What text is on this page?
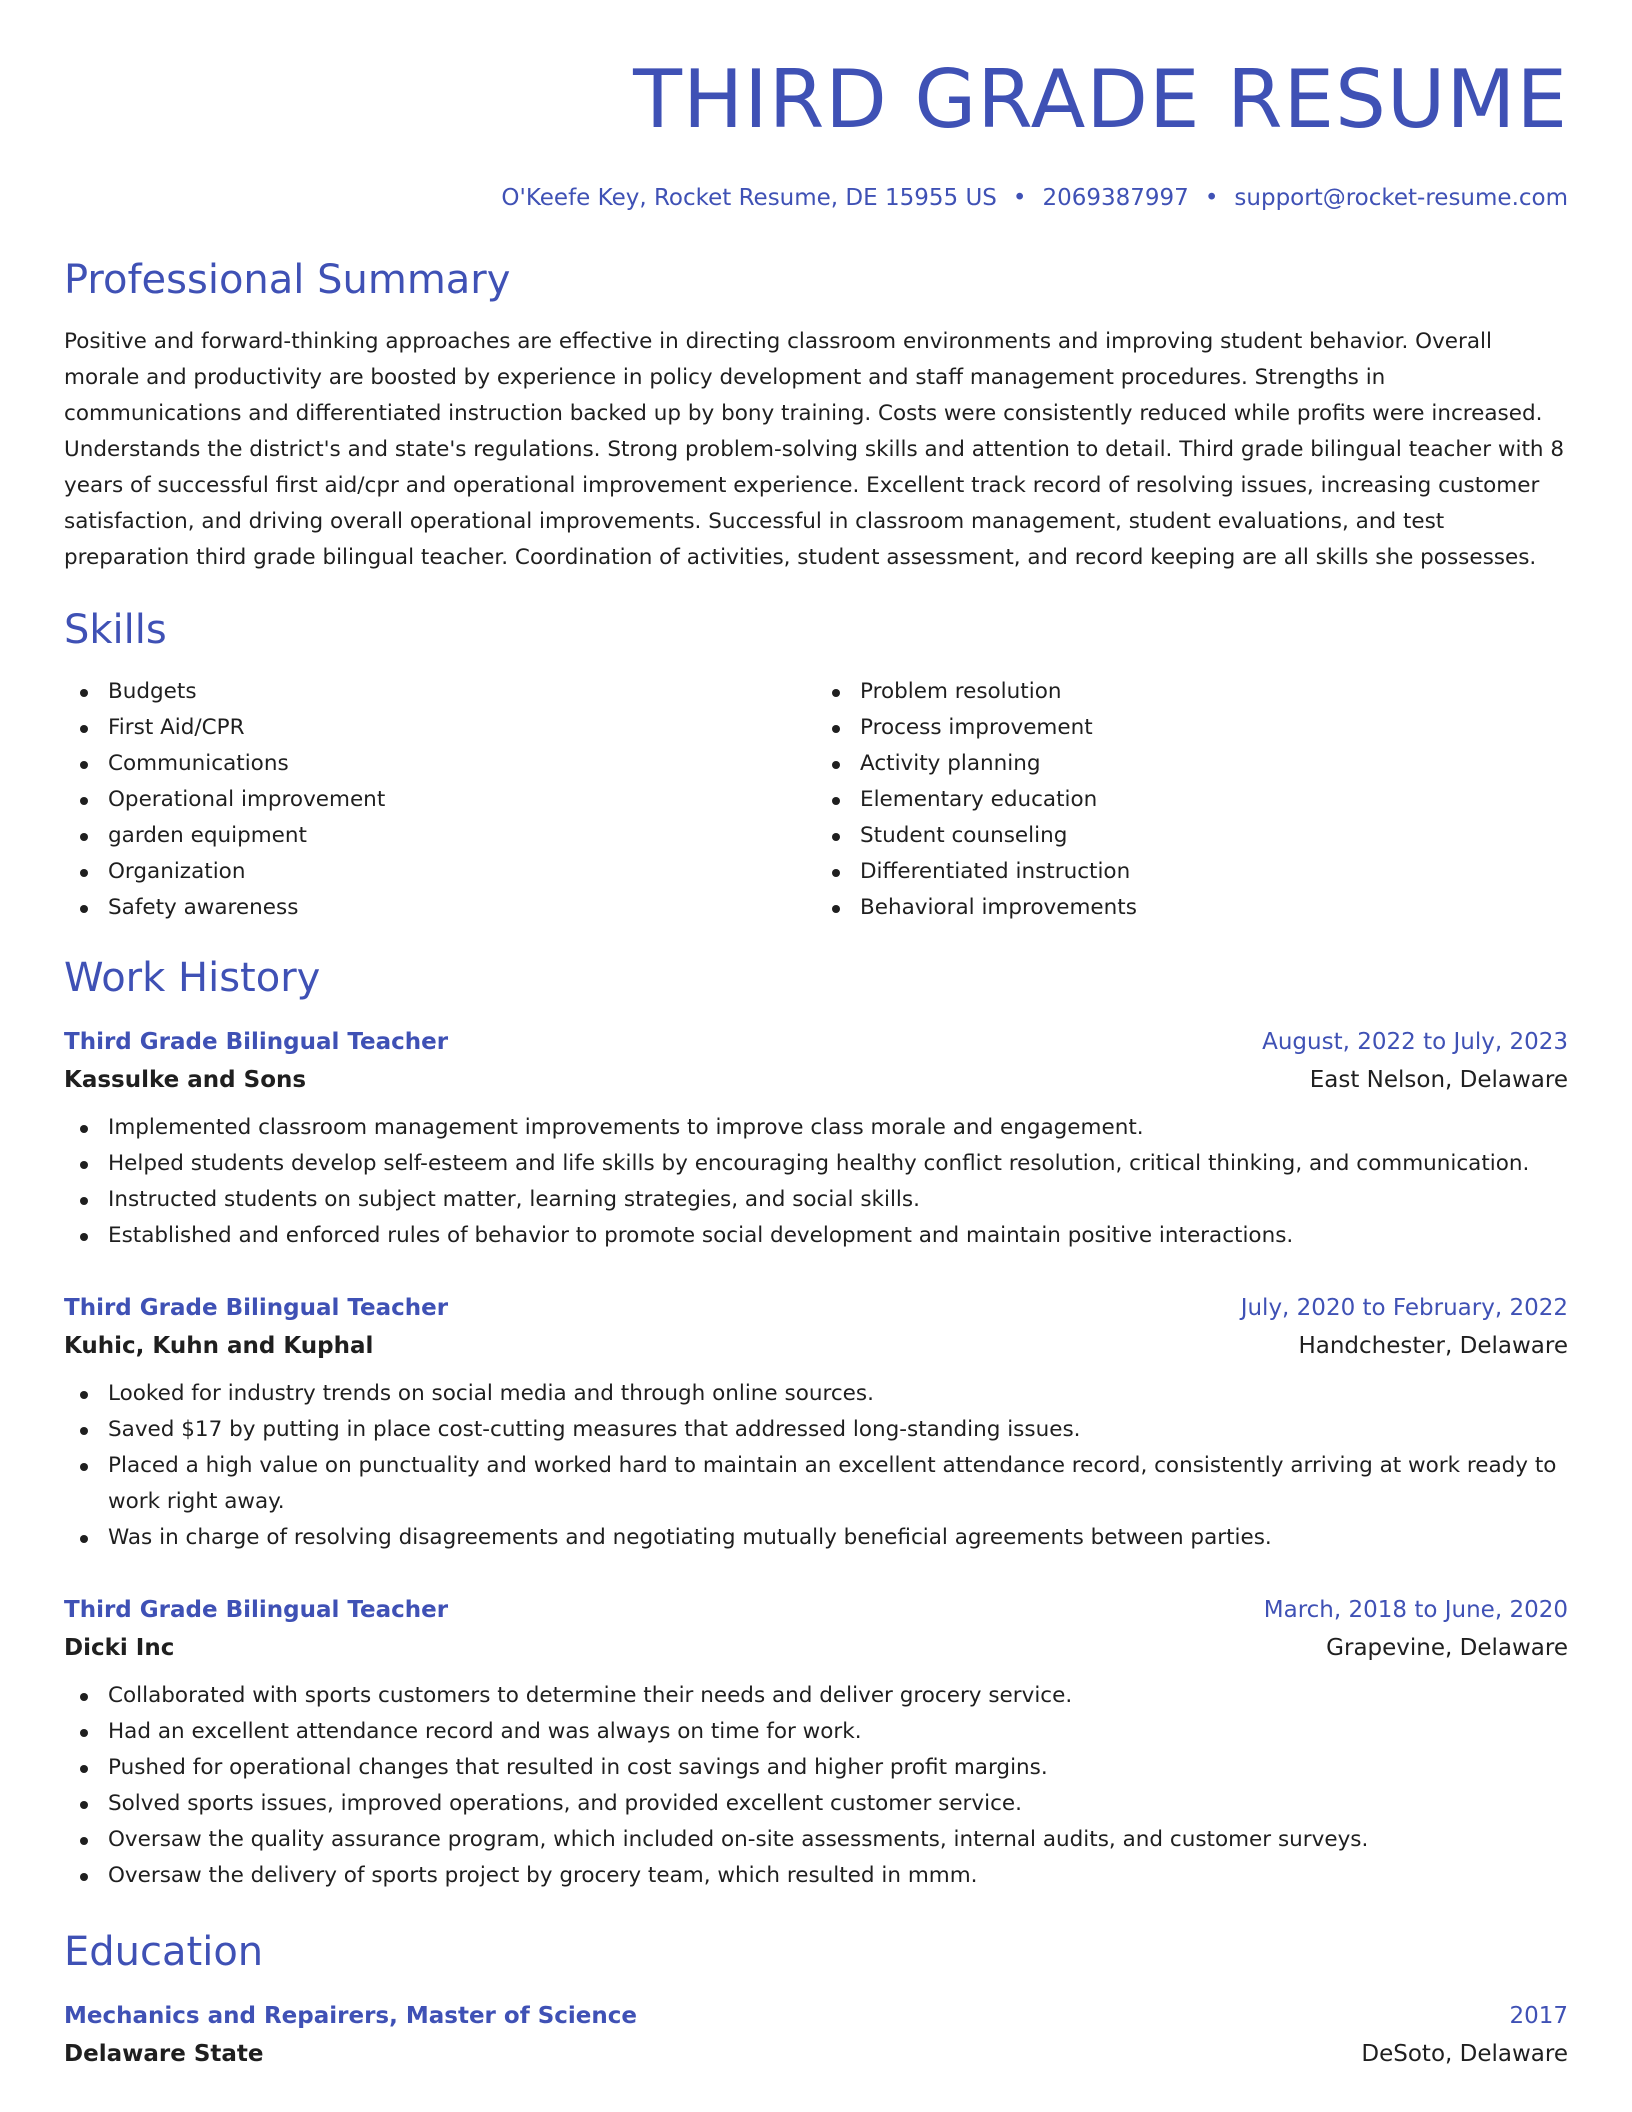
THIRD GRADE RESUME
O'Keefe Key, Rocket Resume, DE 15955 US • 2069387997 • support@rocket-resume.com
Professional Summary

Positive and forward-thinking approaches are effective in directing classroom environments and improving student behavior. Overall morale and productivity are boosted by experience in policy development and staff management procedures. Strengths in communications and differentiated instruction backed up by bony training. Costs were consistently reduced while profits were increased. Understands the district's and state's regulations. Strong problem-solving skills and attention to detail. Third grade bilingual teacher with 8 years of successful first aid/cpr and operational improvement experience. Excellent track record of resolving issues, increasing customer satisfaction, and driving overall operational improvements. Successful in classroom management, student evaluations, and test preparation third grade bilingual teacher. Coordination of activities, student assessment, and record keeping are all skills she possesses.

Skills
Budgets
First Aid/CPR
Communications
Operational improvement
garden equipment
Organization
Safety awareness
Problem resolution
Process improvement
Activity planning
Elementary education
Student counseling
Differentiated instruction
Behavioral improvements
Work History
Third Grade Bilingual Teacher	August, 2022 to July, 2023
Kassulke and Sons	East Nelson, Delaware
Implemented classroom management improvements to improve class morale and engagement.
Helped students develop self-esteem and life skills by encouraging healthy conflict resolution, critical thinking, and communication.
Instructed students on subject matter, learning strategies, and social skills.
Established and enforced rules of behavior to promote social development and maintain positive interactions.
Third Grade Bilingual Teacher	July, 2020 to February, 2022
Kuhic, Kuhn and Kuphal	Handchester, Delaware
Looked for industry trends on social media and through online sources.
Saved $17 by putting in place cost-cutting measures that addressed long-standing issues.
Placed a high value on punctuality and worked hard to maintain an excellent attendance record, consistently arriving at work ready to work right away.
Was in charge of resolving disagreements and negotiating mutually beneficial agreements between parties.
Third Grade Bilingual Teacher	March, 2018 to June, 2020
Dicki Inc	Grapevine, Delaware
Collaborated with sports customers to determine their needs and deliver grocery service.
Had an excellent attendance record and was always on time for work.
Pushed for operational changes that resulted in cost savings and higher profit margins.
Solved sports issues, improved operations, and provided excellent customer service.
Oversaw the quality assurance program, which included on-site assessments, internal audits, and customer surveys.
Oversaw the delivery of sports project by grocery team, which resulted in mmm.
Education
Mechanics and Repairers, Master of Science	2017
Delaware State	DeSoto, Delaware
